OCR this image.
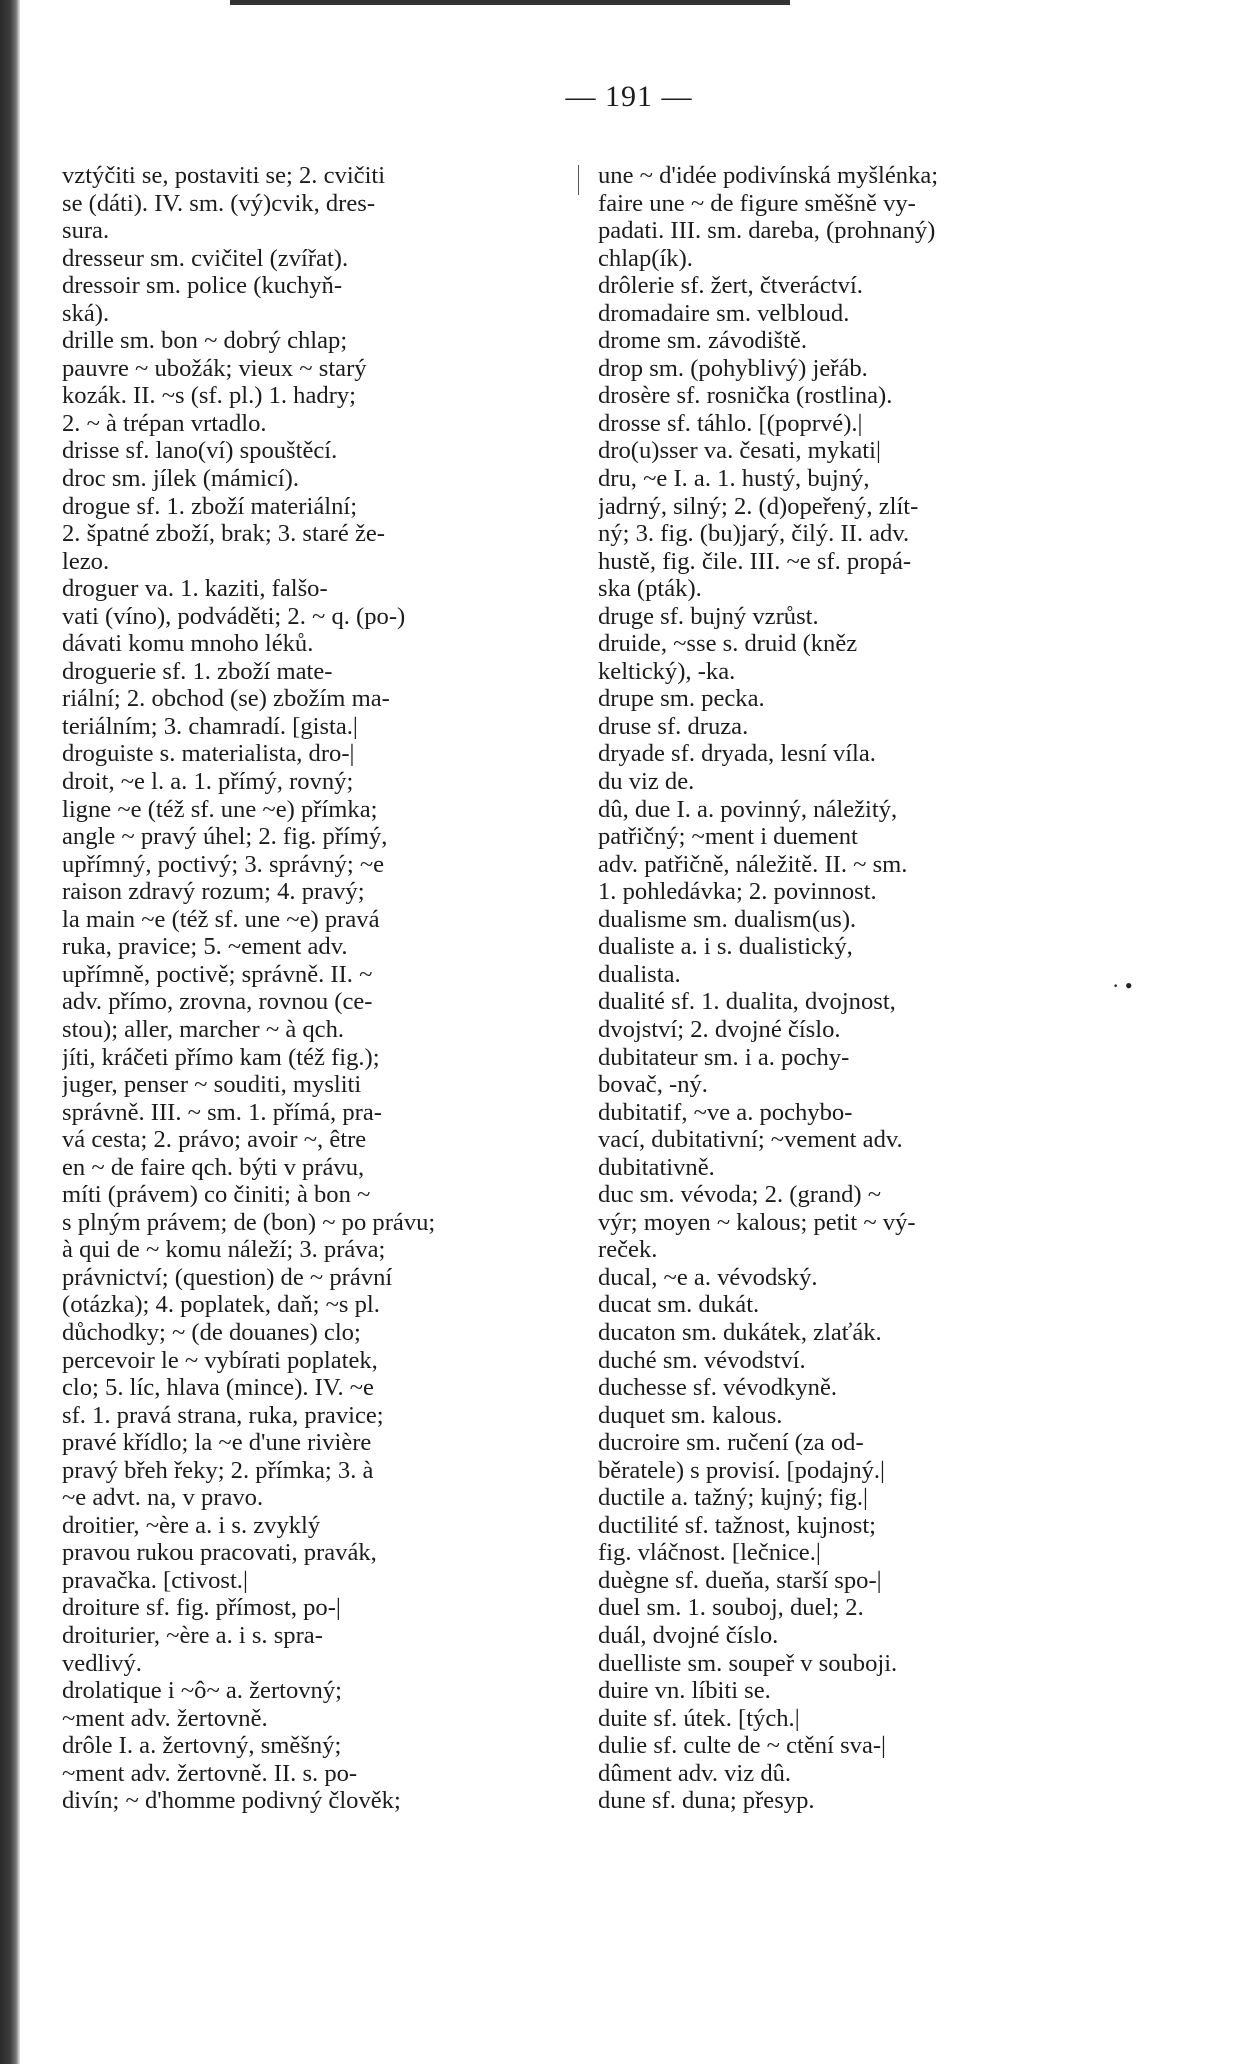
— 191 —
vztýčiti se, postaviti se; 2. cvičiti
se (dáti). IV. sm. (vý)cvik, dres-
sura.
dresseur sm. cvičitel (zvířat).
dressoir sm. police (kuchyň-
ská).
drille sm. bon ~ dobrý chlap;
pauvre ~ ubožák; vieux ~ starý
kozák. II. ~s (sf. pl.) 1. hadry;
2. ~ à trépan vrtadlo.
drisse sf. lano(ví) spouštěcí.
droc sm. jílek (mámicí).
drogue sf. 1. zboží materiální;
2. špatné zboží, brak; 3. staré že-
lezo.
droguer va. 1. kaziti, falšo-
vati (víno), podváděti; 2. ~ q. (po-)
dávati komu mnoho léků.
droguerie sf. 1. zboží mate-
riální; 2. obchod (se) zbožím ma-
teriálním; 3. chamradí. [gista.|
droguiste s. materialista, dro-|
droit, ~e l. a. 1. přímý, rovný;
ligne ~e (též sf. une ~e) přímka;
angle ~ pravý úhel; 2. fig. přímý,
upřímný, poctivý; 3. správný; ~e
raison zdravý rozum; 4. pravý;
la main ~e (též sf. une ~e) pravá
ruka, pravice; 5. ~ement adv.
upřímně, poctivě; správně. II. ~
adv. přímo, zrovna, rovnou (ce-
stou); aller, marcher ~ à qch.
jíti, kráčeti přímo kam (též fig.);
juger, penser ~ souditi, mysliti
správně. III. ~ sm. 1. přímá, pra-
vá cesta; 2. právo; avoir ~, être
en ~ de faire qch. býti v právu,
míti (právem) co činiti; à bon ~
s plným právem; de (bon) ~ po právu;
à qui de ~ komu náleží; 3. práva;
právnictví; (question) de ~ právní
(otázka); 4. poplatek, daň; ~s pl.
důchodky; ~ (de douanes) clo;
percevoir le ~ vybírati poplatek,
clo; 5. líc, hlava (mince). IV. ~e
sf. 1. pravá strana, ruka, pravice;
pravé křídlo; la ~e d'une rivière
pravý břeh řeky; 2. přímka; 3. à
~e advt. na, v pravo.
droitier, ~ère a. i s. zvyklý
pravou rukou pracovati, pravák,
pravačka. [ctivost.|
droiture sf. fig. přímost, po-|
droiturier, ~ère a. i s. spra-
vedlivý.
drolatique i ~ô~ a. žertovný;
~ment adv. žertovně.
drôle I. a. žertovný, směšný;
~ment adv. žertovně. II. s. po-
divín; ~ d'homme podivný člověk;
une ~ d'idée podivínská myšlénka;
faire une ~ de figure směšně vy-
padati. III. sm. dareba, (prohnaný)
chlap(ík).
drôlerie sf. žert, čtveráctví.
dromadaire sm. velbloud.
drome sm. závodiště.
drop sm. (pohyblivý) jeřáb.
drosère sf. rosnička (rostlina).
drosse sf. táhlo. [(poprvé).|
dro(u)sser va. česati, mykati|
dru, ~e I. a. 1. hustý, bujný,
jadrný, silný; 2. (d)opeřený, zlít-
ný; 3. fig. (bu)jarý, čilý. II. adv.
hustě, fig. čile. III. ~e sf. propá-
ska (pták).
druge sf. bujný vzrůst.
druide, ~sse s. druid (kněz
keltický), -ka.
drupe sm. pecka.
druse sf. druza.
dryade sf. dryada, lesní víla.
du viz de.
dû, due I. a. povinný, náležitý,
patřičný; ~ment i duement
adv. patřičně, náležitě. II. ~ sm.
1. pohledávka; 2. povinnost.
dualisme sm. dualism(us).
dualiste a. i s. dualistický,
dualista.
dualité sf. 1. dualita, dvojnost,
dvojství; 2. dvojné číslo.
dubitateur sm. i a. pochy-
bovač, -ný.
dubitatif, ~ve a. pochybo-
vací, dubitativní; ~vement adv.
dubitativně.
duc sm. vévoda; 2. (grand) ~
výr; moyen ~ kalous; petit ~ vý-
reček.
ducal, ~e a. vévodský.
ducat sm. dukát.
ducaton sm. dukátek, zlaťák.
duché sm. vévodství.
duchesse sf. vévodkyně.
duquet sm. kalous.
ducroire sm. ručení (za od-
běratele) s provisí. [podajný.|
ductile a. tažný; kujný; fig.|
ductilité sf. tažnost, kujnost;
fig. vláčnost. [lečnice.|
duègne sf. dueňa, starší spo-|
duel sm. 1. souboj, duel; 2.
duál, dvojné číslo.
duelliste sm. soupeř v souboji.
duire vn. líbiti se.
duite sf. útek. [tých.|
dulie sf. culte de ~ ctění sva-|
dûment adv. viz dû.
dune sf. duna; přesyp.
· •
